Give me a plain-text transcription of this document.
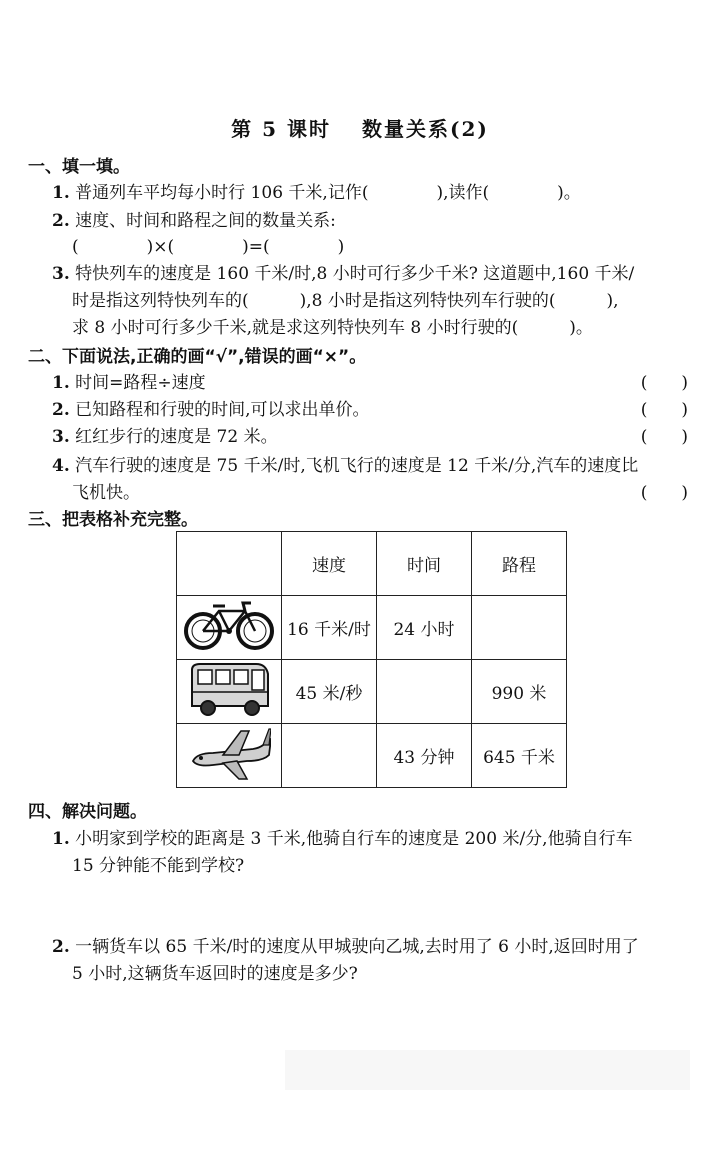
第 5 课时　 数量关系(2)
一、填一填。
1. 普通列车平均每小时行 106 千米,记作(　　　　),读作(　　　　)。
2. 速度、时间和路程之间的数量关系:
(　　　　)×(　　　　)=(　　　　)
3. 特快列车的速度是 160 千米/时,8 小时可行多少千米? 这道题中,160 千米/
时是指这列特快列车的(　　　),8 小时是指这列特快列车行驶的(　　　),
求 8 小时可行多少千米,就是求这列特快列车 8 小时行驶的(　　　)。
二、下面说法,正确的画“√”,错误的画“×”。
1. 时间=路程÷速度	(　　)
2. 已知路程和行驶的时间,可以求出单价。	(　　)
3. 红红步行的速度是 72 米。	(　　)
4. 汽车行驶的速度是 75 千米/时,飞机飞行的速度是 12 千米/分,汽车的速度比
飞机快。	(　　)
三、把表格补充完整。
	速度	时间	路程
	16 千米/时	24 小时	
	45 米/秒		990 米
		43 分钟	645 千米
四、解决问题。
1. 小明家到学校的距离是 3 千米,他骑自行车的速度是 200 米/分,他骑自行车
15 分钟能不能到学校?
2. 一辆货车以 65 千米/时的速度从甲城驶向乙城,去时用了 6 小时,返回时用了
5 小时,这辆货车返回时的速度是多少?
